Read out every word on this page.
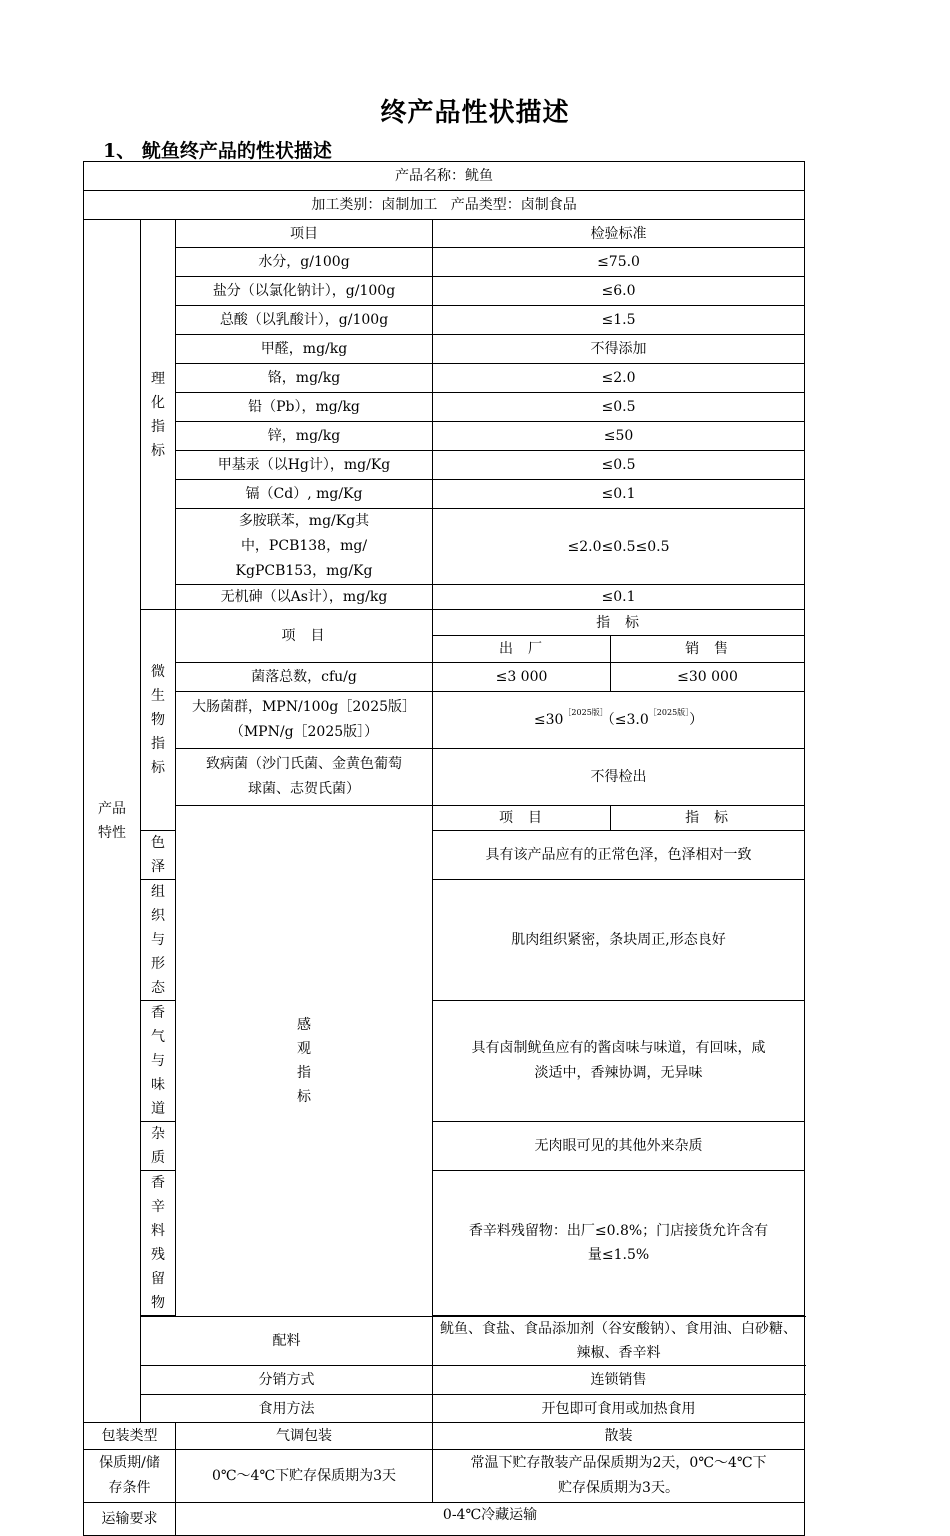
终产品性状描述
1、 鱿鱼终产品的性状描述
产品名称：鱿鱼				
加工类别：卤制加工   产品类型：卤制食品				
产品
特性	理
化
指
标	项目	检验标准	
		水分，g/100g	≤75.0	
		盐分（以氯化钠计），g/100g	≤6.0	
		总酸（以乳酸计），g/100g	≤1.5	
		甲醛，mg/kg	不得添加	
		铬，mg/kg	≤2.0	
		铅（Pb），mg/kg	≤0.5	
		锌，mg/kg	≤50	
		甲基汞（以Hg计），mg/Kg	≤0.5	
		镉（Cd）, mg/Kg	≤0.1	
		多胺联苯，mg/Kg其
中，PCB138，mg/
KgPCB153，mg/Kg	≤2.0≤0.5≤0.5	
		无机砷（以As计），mg/kg	≤0.1	
	微
生
物
指
标	项  目	指  标	
			出  厂	销  售
		菌落总数，cfu/g	≤3 000	≤30 000
		大肠菌群，MPN/100g［2025版］
（MPN/g［2025版］）	$\le 30^{[2025版]}(\le 3.0^{[2025版]})$	
		致病菌（沙门氏菌、金黄色葡萄
球菌、志贺氏菌）	不得检出	
		感
观
指
标	项  目	指  标
	色泽		具有该产品应有的正常色泽，色泽相对一致	
	组织与形态		肌肉组织紧密，条块周正,形态良好	
	香气与味道		具有卤制鱿鱼应有的酱卤味与味道，有回味，咸
淡适中，香辣协调，无异味	
	杂质		无肉眼可见的其他外来杂质	
	香辛料残留物		香辛料残留物：出厂≤0.8%；门店接货允许含有
量≤1.5%	

	配料		鱿鱼、食盐、食品添加剂（谷安酸钠）、食用油、白砂糖、辣椒、香辛料	
	分销方式		连锁销售	
	食用方法		开包即可食用或加热食用	
包装类型		气调包装	散装	
保质期/储
存条件		0℃～4℃下贮存保质期为3天	常温下贮存散装产品保质期为2天，0℃～4℃下
贮存保质期为3天。	
运输要求		0-4℃冷藏运输		
